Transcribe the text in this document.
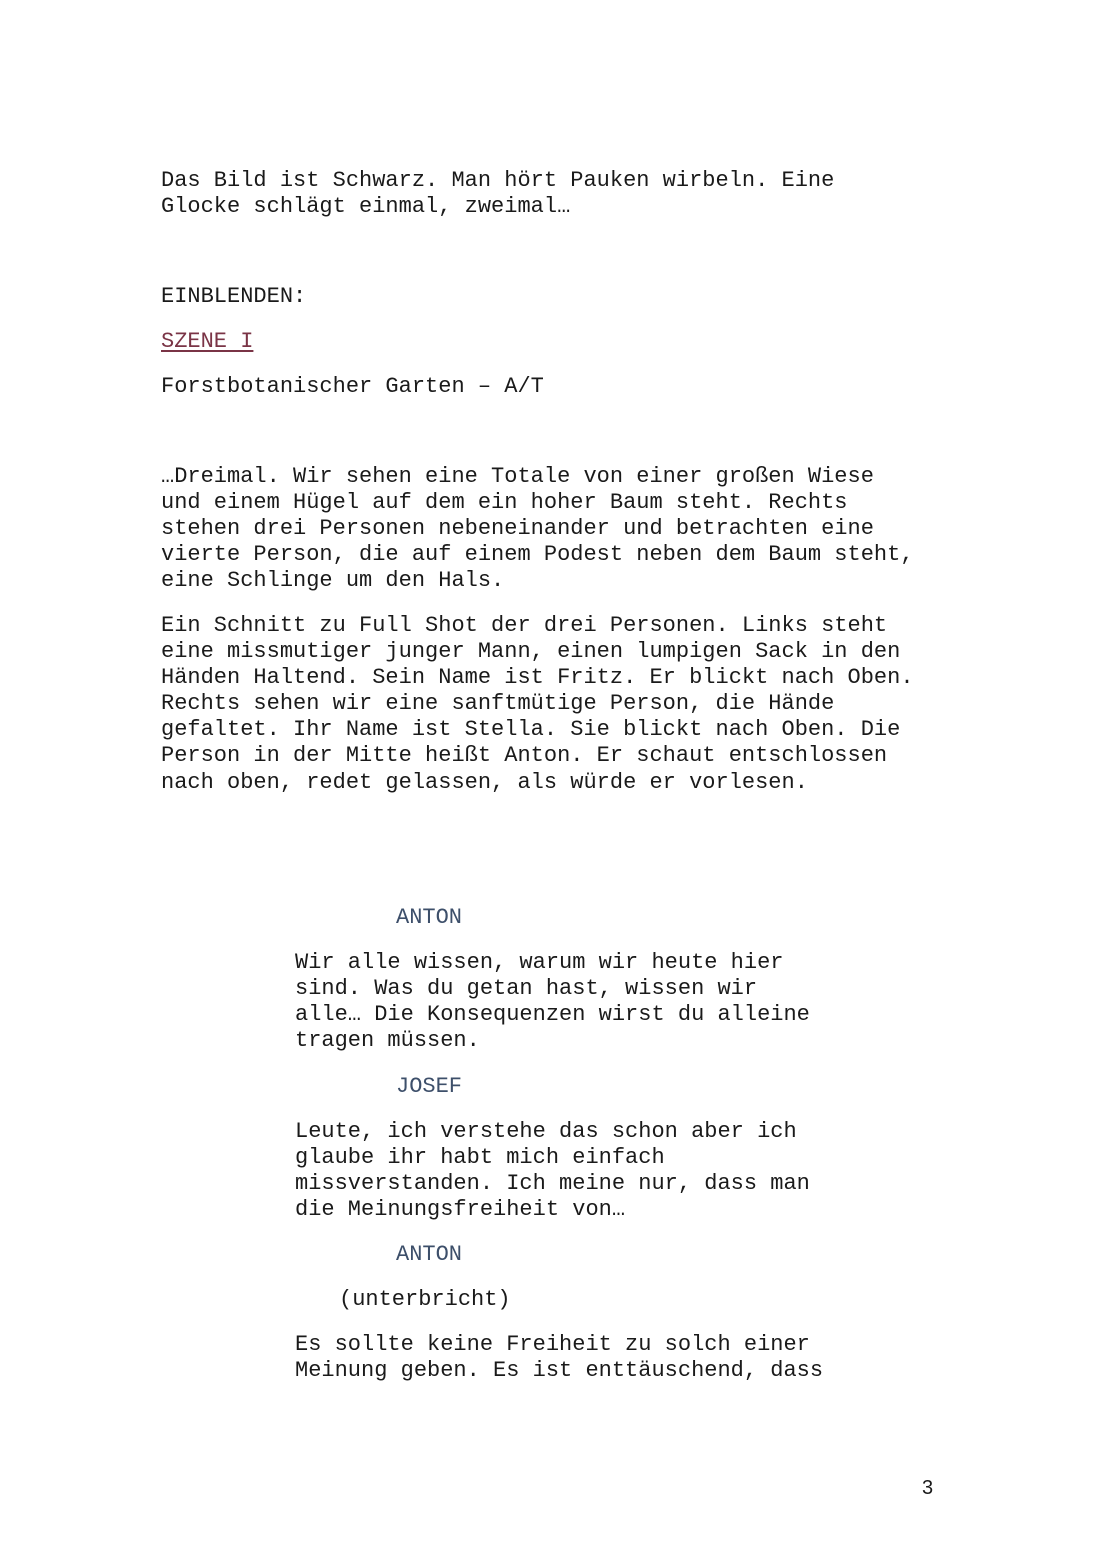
Das Bild ist Schwarz. Man hört Pauken wirbeln. Eine
Glocke schlägt einmal, zweimal…

EINBLENDEN:

SZENE I

Forstbotanischer Garten – A/T

…Dreimal. Wir sehen eine Totale von einer großen Wiese
und einem Hügel auf dem ein hoher Baum steht. Rechts
stehen drei Personen nebeneinander und betrachten eine
vierte Person, die auf einem Podest neben dem Baum steht,
eine Schlinge um den Hals.

Ein Schnitt zu Full Shot der drei Personen. Links steht
eine missmutiger junger Mann, einen lumpigen Sack in den
Händen Haltend. Sein Name ist Fritz. Er blickt nach Oben.
Rechts sehen wir eine sanftmütige Person, die Hände
gefaltet. Ihr Name ist Stella. Sie blickt nach Oben. Die
Person in der Mitte heißt Anton. Er schaut entschlossen
nach oben, redet gelassen, als würde er vorlesen.

ANTON

Wir alle wissen, warum wir heute hier
sind. Was du getan hast, wissen wir
alle… Die Konsequenzen wirst du alleine
tragen müssen.

JOSEF

Leute, ich verstehe das schon aber ich
glaube ihr habt mich einfach
missverstanden. Ich meine nur, dass man
die Meinungsfreiheit von…

ANTON

(unterbricht)

Es sollte keine Freiheit zu solch einer
Meinung geben. Es ist enttäuschend, dass

3
